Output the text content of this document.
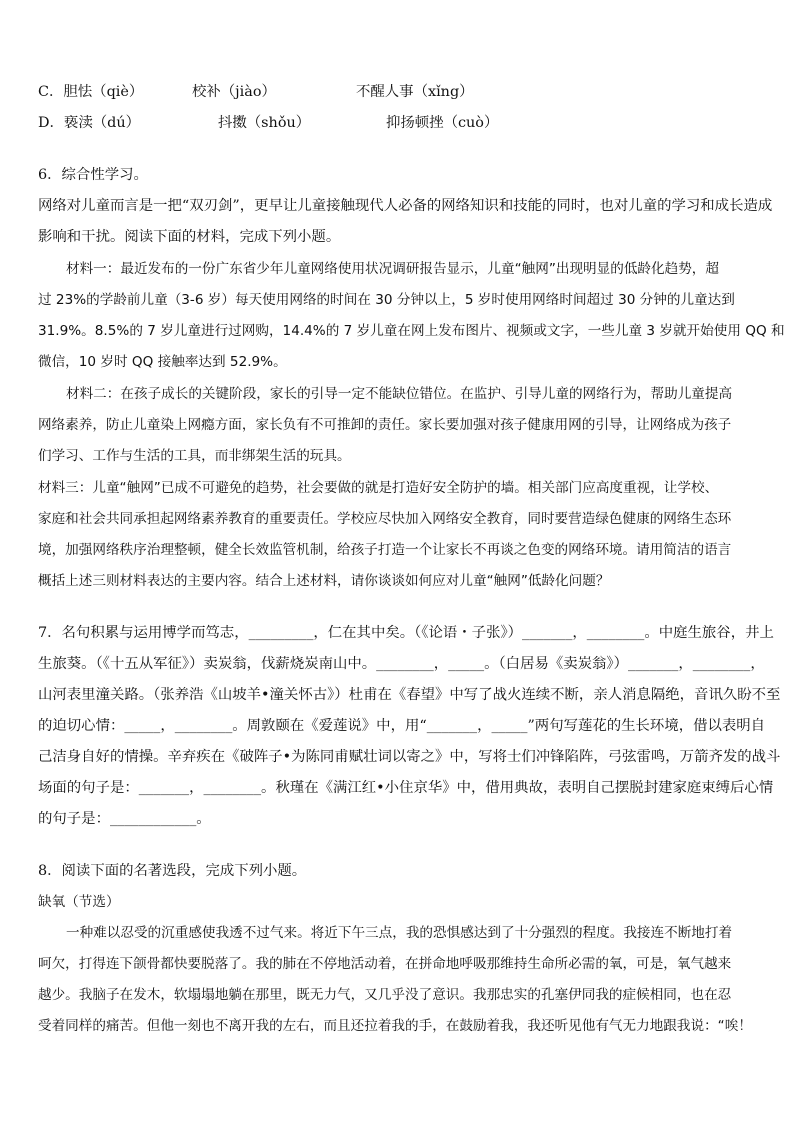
C．胆怯（qiè）	校补（jiào）	不醒人事（xǐng）
D．亵渎（dú）	抖擞（shǒu）	抑扬顿挫（cuò）
6．综合性学习。
网络对儿童而言是一把“双刃剑”，更早让儿童接触现代人必备的网络知识和技能的同时，也对儿童的学习和成长造成
影响和干扰。阅读下面的材料，完成下列小题。
材料一：最近发布的一份广东省少年儿童网络使用状况调研报告显示，儿童“触网”出现明显的低龄化趋势，超
过 23%的学龄前儿童（3-6 岁）每天使用网络的时间在 30 分钟以上，5 岁时使用网络时间超过 30 分钟的儿童达到
31.9%。8.5%的 7 岁儿童进行过网购，14.4%的 7 岁儿童在网上发布图片、视频或文字，一些儿童 3 岁就开始使用 QQ 和
微信，10 岁时 QQ 接触率达到 52.9%。
材料二：在孩子成长的关键阶段，家长的引导一定不能缺位错位。在监护、引导儿童的网络行为，帮助儿童提高
网络素养，防止儿童染上网瘾方面，家长负有不可推卸的责任。家长要加强对孩子健康用网的引导，让网络成为孩子
们学习、工作与生活的工具，而非绑架生活的玩具。
材料三：儿童“触网”已成不可避免的趋势，社会要做的就是打造好安全防护的墙。相关部门应高度重视，让学校、
家庭和社会共同承担起网络素养教育的重要责任。学校应尽快加入网络安全教育，同时要营造绿色健康的网络生态环
境，加强网络秩序治理整顿，健全长效监管机制，给孩子打造一个让家长不再谈之色变的网络环境。请用简洁的语言
概括上述三则材料表达的主要内容。结合上述材料，请你谈谈如何应对儿童“触网”低龄化问题？
7．名句积累与运用博学而笃志，_________，仁在其中矣。（《论语・子张》）_______，________。中庭生旅谷，井上
生旅葵。（《十五从军征》）卖炭翁，伐薪烧炭南山中。________，_____。（白居易《卖炭翁》）_______，________，
山河表里潼关路。（张养浩《山坡羊•潼关怀古》）杜甫在《春望》中写了战火连续不断，亲人消息隔绝，音讯久盼不至
的迫切心情：_____，________。周敦颐在《爱莲说》中，用“_______，_____”两句写莲花的生长环境，借以表明自
己洁身自好的情操。辛弃疾在《破阵子•为陈同甫赋壮词以寄之》中，写将士们冲锋陷阵，弓弦雷鸣，万箭齐发的战斗
场面的句子是：_______，________。秋瑾在《满江红•小住京华》中，借用典故，表明自己摆脱封建家庭束缚后心情
的句子是：____________。
8．阅读下面的名著选段，完成下列小题。
缺氧（节选）
一种难以忍受的沉重感使我透不过气来。将近下午三点，我的恐惧感达到了十分强烈的程度。我接连不断地打着
呵欠，打得连下颌骨都快要脱落了。我的肺在不停地活动着，在拼命地呼吸那维持生命所必需的氧，可是，氧气越来
越少。我脑子在发木，软塌塌地躺在那里，既无力气，又几乎没了意识。我那忠实的孔塞伊同我的症候相同，也在忍
受着同样的痛苦。但他一刻也不离开我的左右，而且还拉着我的手，在鼓励着我，我还听见他有气无力地跟我说：“唉！
